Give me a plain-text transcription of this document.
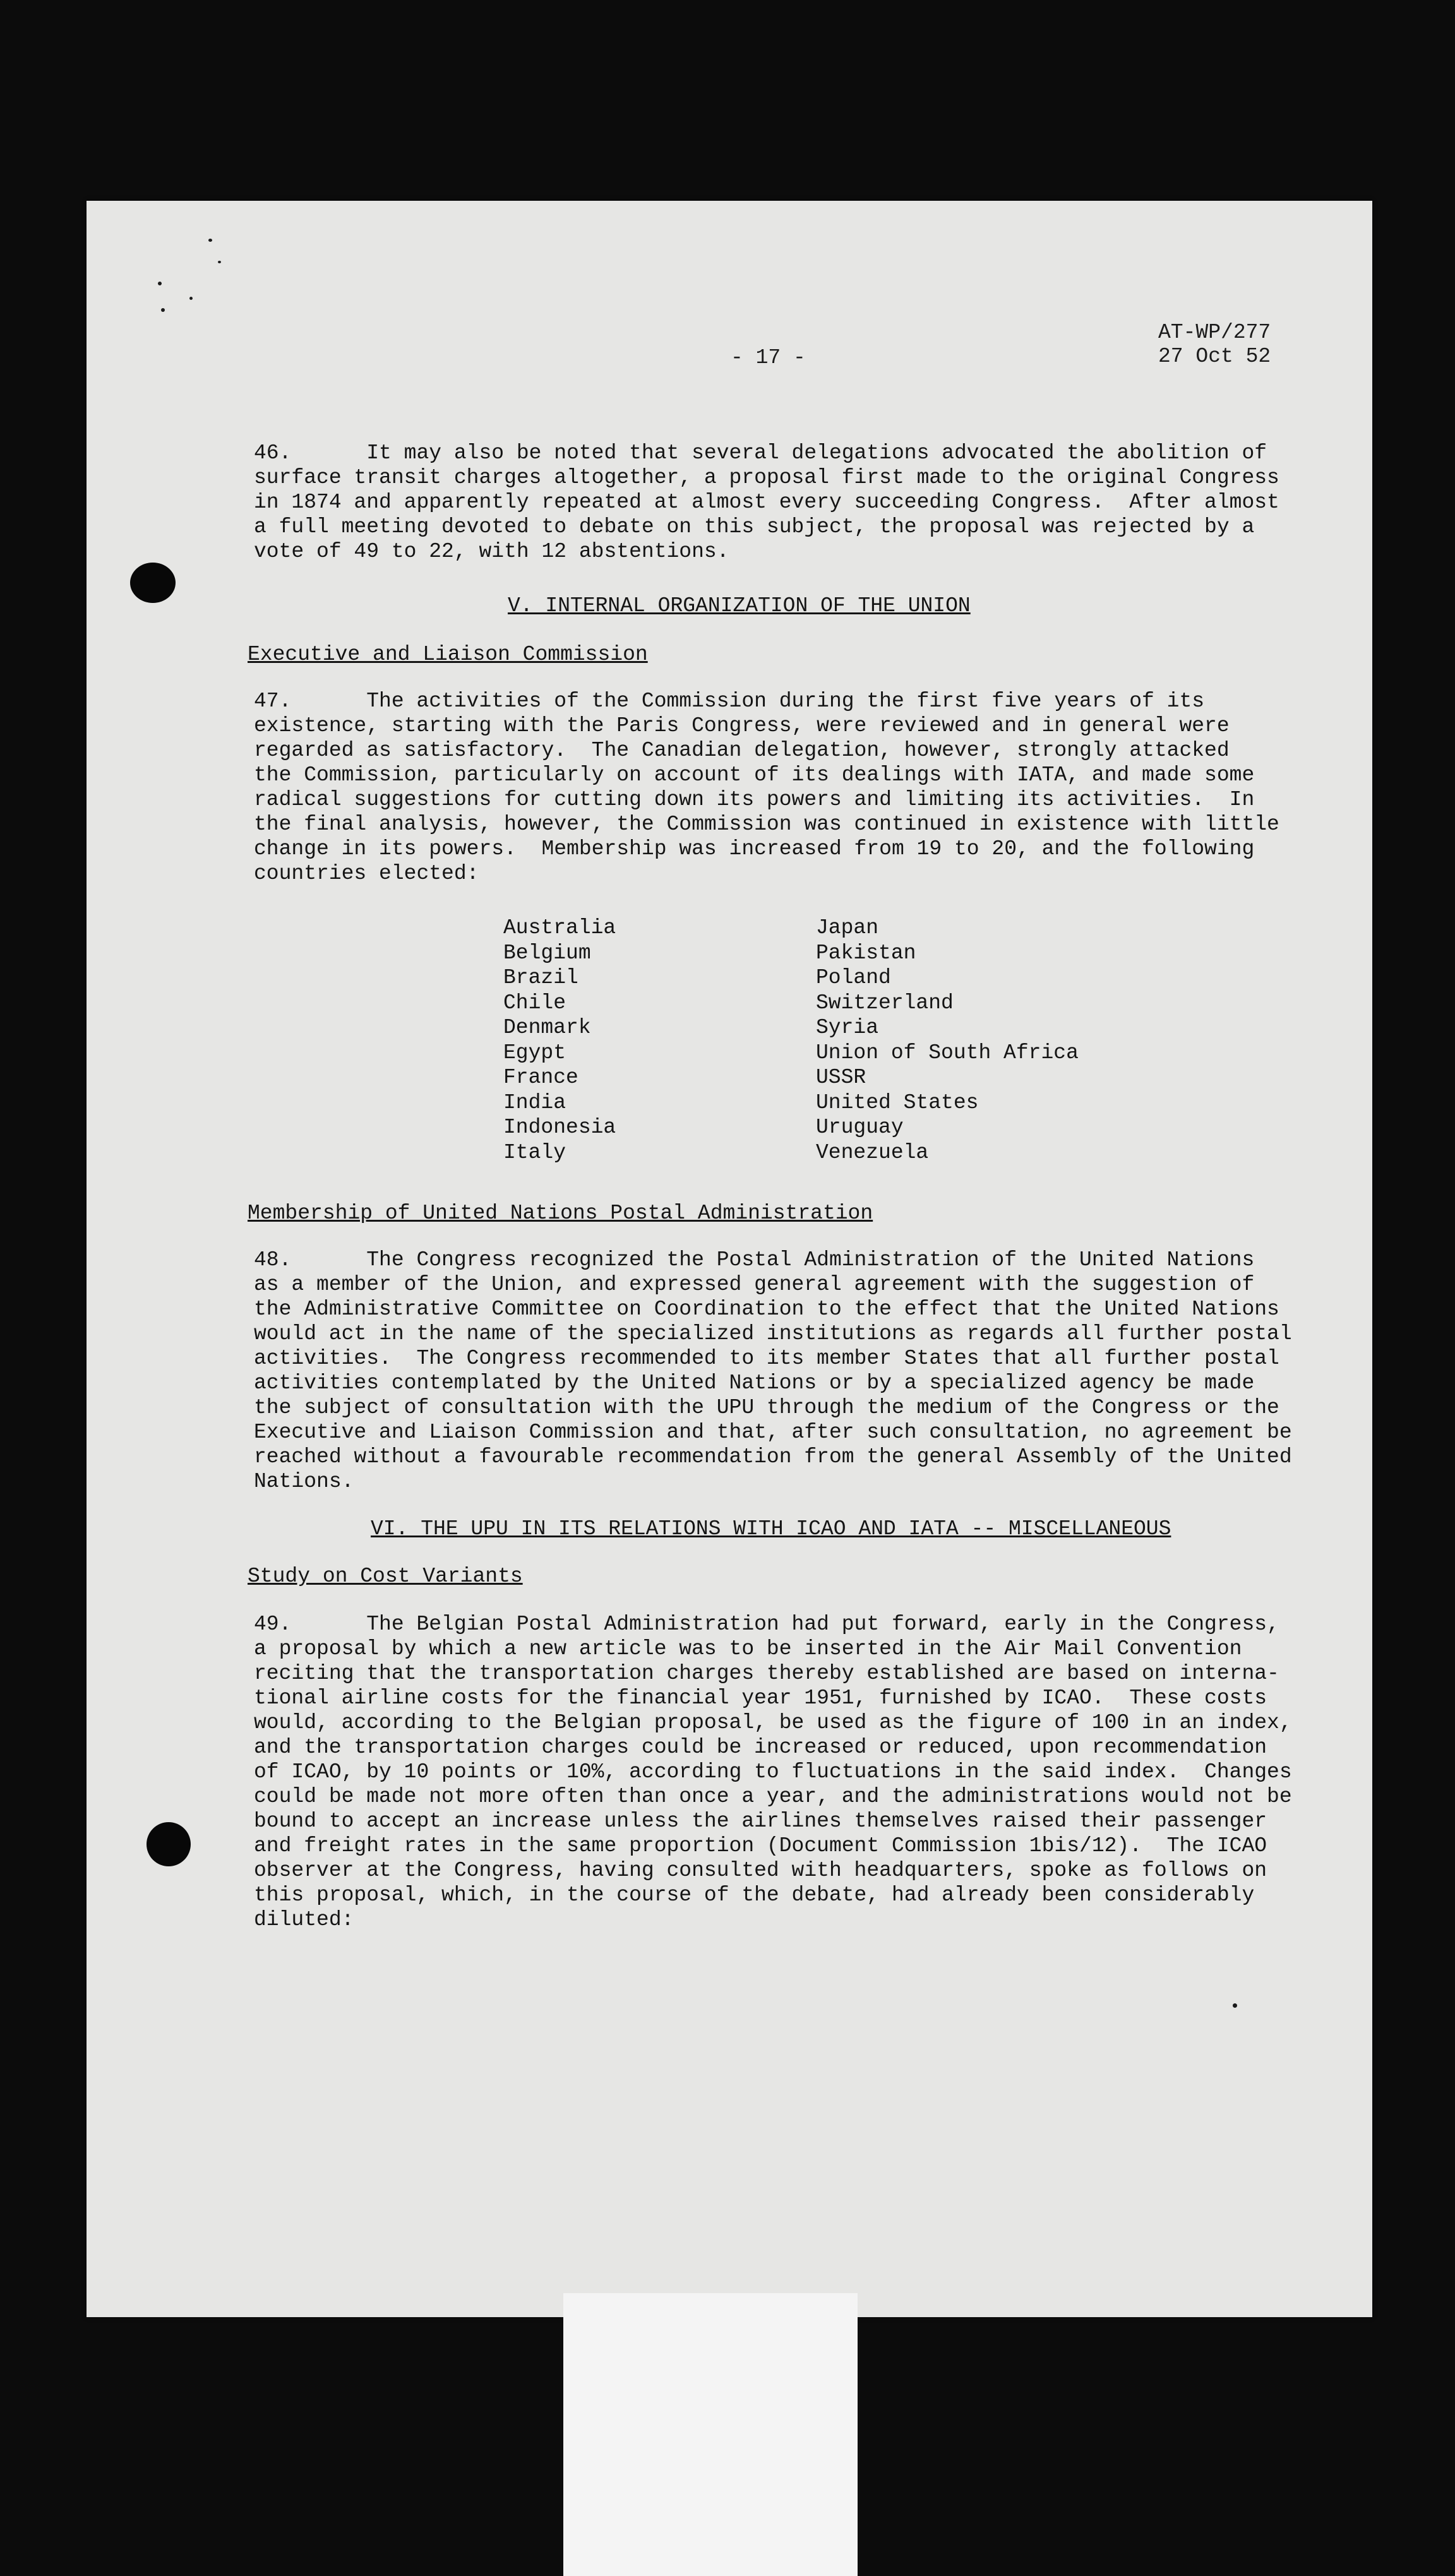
AT-WP/277
27 Oct 52
- 17 -
46.      It may also be noted that several delegations advocated the abolition of
surface transit charges altogether, a proposal first made to the original Congress
in 1874 and apparently repeated at almost every succeeding Congress.  After almost
a full meeting devoted to debate on this subject, the proposal was rejected by a
vote of 49 to 22, with 12 abstentions.
V. INTERNAL ORGANIZATION OF THE UNION
Executive and Liaison Commission
47.      The activities of the Commission during the first five years of its
existence, starting with the Paris Congress, were reviewed and in general were
regarded as satisfactory.  The Canadian delegation, however, strongly attacked
the Commission, particularly on account of its dealings with IATA, and made some
radical suggestions for cutting down its powers and limiting its activities.  In
the final analysis, however, the Commission was continued in existence with little
change in its powers.  Membership was increased from 19 to 20, and the following
countries elected:
Australia
Belgium
Brazil
Chile
Denmark
Egypt
France
India
Indonesia
Italy
Japan
Pakistan
Poland
Switzerland
Syria
Union of South Africa
USSR
United States
Uruguay
Venezuela
Membership of United Nations Postal Administration
48.      The Congress recognized the Postal Administration of the United Nations
as a member of the Union, and expressed general agreement with the suggestion of
the Administrative Committee on Coordination to the effect that the United Nations
would act in the name of the specialized institutions as regards all further postal
activities.  The Congress recommended to its member States that all further postal
activities contemplated by the United Nations or by a specialized agency be made
the subject of consultation with the UPU through the medium of the Congress or the
Executive and Liaison Commission and that, after such consultation, no agreement be
reached without a favourable recommendation from the general Assembly of the United
Nations.
VI. THE UPU IN ITS RELATIONS WITH ICAO AND IATA -- MISCELLANEOUS
Study on Cost Variants
49.      The Belgian Postal Administration had put forward, early in the Congress,
a proposal by which a new article was to be inserted in the Air Mail Convention
reciting that the transportation charges thereby established are based on interna-
tional airline costs for the financial year 1951, furnished by ICAO.  These costs
would, according to the Belgian proposal, be used as the figure of 100 in an index,
and the transportation charges could be increased or reduced, upon recommendation
of ICAO, by 10 points or 10%, according to fluctuations in the said index.  Changes
could be made not more often than once a year, and the administrations would not be
bound to accept an increase unless the airlines themselves raised their passenger
and freight rates in the same proportion (Document Commission 1bis/12).  The ICAO
observer at the Congress, having consulted with headquarters, spoke as follows on
this proposal, which, in the course of the debate, had already been considerably
diluted:
